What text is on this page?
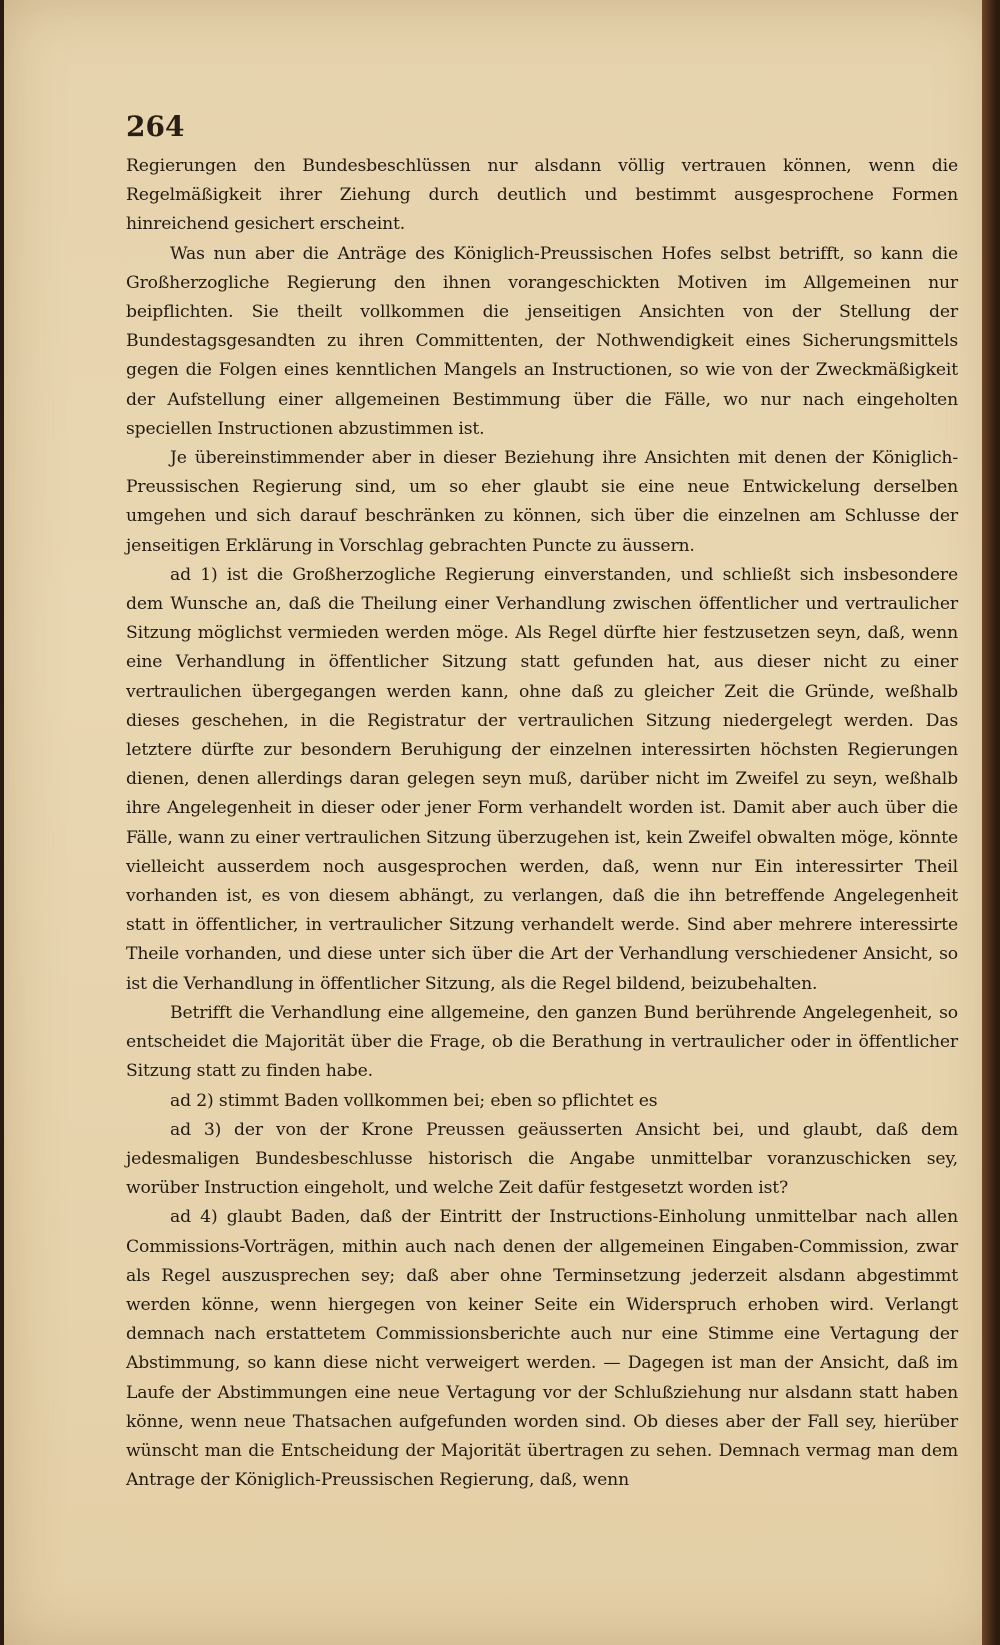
264

Regierungen den Bundesbeschlüssen nur alsdann völlig vertrauen können, wenn die Regelmäßigkeit ihrer Ziehung durch deutlich und bestimmt ausgesprochene Formen hinreichend gesichert erscheint.

Was nun aber die Anträge des Königlich-Preussischen Hofes selbst betrifft, so kann die Großherzogliche Regierung den ihnen vorangeschickten Motiven im Allgemeinen nur beipflichten. Sie theilt vollkommen die jenseitigen Ansichten von der Stellung der Bundestagsgesandten zu ihren Committenten, der Nothwendigkeit eines Sicherungsmittels gegen die Folgen eines kenntlichen Mangels an Instructionen, so wie von der Zweckmäßigkeit der Aufstellung einer allgemeinen Bestimmung über die Fälle, wo nur nach eingeholten speciellen Instructionen abzustimmen ist.

Je übereinstimmender aber in dieser Beziehung ihre Ansichten mit denen der Königlich-Preussischen Regierung sind, um so eher glaubt sie eine neue Entwickelung derselben umgehen und sich darauf beschränken zu können, sich über die einzelnen am Schlusse der jenseitigen Erklärung in Vorschlag gebrachten Puncte zu äussern.

ad 1) ist die Großherzogliche Regierung einverstanden, und schließt sich insbesondere dem Wunsche an, daß die Theilung einer Verhandlung zwischen öffentlicher und vertraulicher Sitzung möglichst vermieden werden möge. Als Regel dürfte hier festzusetzen seyn, daß, wenn eine Verhandlung in öffentlicher Sitzung statt gefunden hat, aus dieser nicht zu einer vertraulichen übergegangen werden kann, ohne daß zu gleicher Zeit die Gründe, weßhalb dieses geschehen, in die Registratur der vertraulichen Sitzung niedergelegt werden. Das letztere dürfte zur besondern Beruhigung der einzelnen interessirten höchsten Regierungen dienen, denen allerdings daran gelegen seyn muß, darüber nicht im Zweifel zu seyn, weßhalb ihre Angelegenheit in dieser oder jener Form verhandelt worden ist. Damit aber auch über die Fälle, wann zu einer vertraulichen Sitzung überzugehen ist, kein Zweifel obwalten möge, könnte vielleicht ausserdem noch ausgesprochen werden, daß, wenn nur Ein interessirter Theil vorhanden ist, es von diesem abhängt, zu verlangen, daß die ihn betreffende Angelegenheit statt in öffentlicher, in vertraulicher Sitzung verhandelt werde. Sind aber mehrere interessirte Theile vorhanden, und diese unter sich über die Art der Verhandlung verschiedener Ansicht, so ist die Verhandlung in öffentlicher Sitzung, als die Regel bildend, beizubehalten.

Betrifft die Verhandlung eine allgemeine, den ganzen Bund berührende Angelegenheit, so entscheidet die Majorität über die Frage, ob die Berathung in vertraulicher oder in öffentlicher Sitzung statt zu finden habe.

ad 2) stimmt Baden vollkommen bei; eben so pflichtet es

ad 3) der von der Krone Preussen geäusserten Ansicht bei, und glaubt, daß dem jedesmaligen Bundesbeschlusse historisch die Angabe unmittelbar voranzuschicken sey, worüber Instruction eingeholt, und welche Zeit dafür festgesetzt worden ist?

ad 4) glaubt Baden, daß der Eintritt der Instructions-Einholung unmittelbar nach allen Commissions-Vorträgen, mithin auch nach denen der allgemeinen Eingaben-Commission, zwar als Regel auszusprechen sey; daß aber ohne Terminsetzung jederzeit alsdann abgestimmt werden könne, wenn hiergegen von keiner Seite ein Widerspruch erhoben wird. Verlangt demnach nach erstattetem Commissionsberichte auch nur eine Stimme eine Vertagung der Abstimmung, so kann diese nicht verweigert werden. — Dagegen ist man der Ansicht, daß im Laufe der Abstimmungen eine neue Vertagung vor der Schlußziehung nur alsdann statt haben könne, wenn neue Thatsachen aufgefunden worden sind. Ob dieses aber der Fall sey, hierüber wünscht man die Entscheidung der Majorität übertragen zu sehen. Demnach vermag man dem Antrage der Königlich-Preussischen Regierung, daß, wenn
